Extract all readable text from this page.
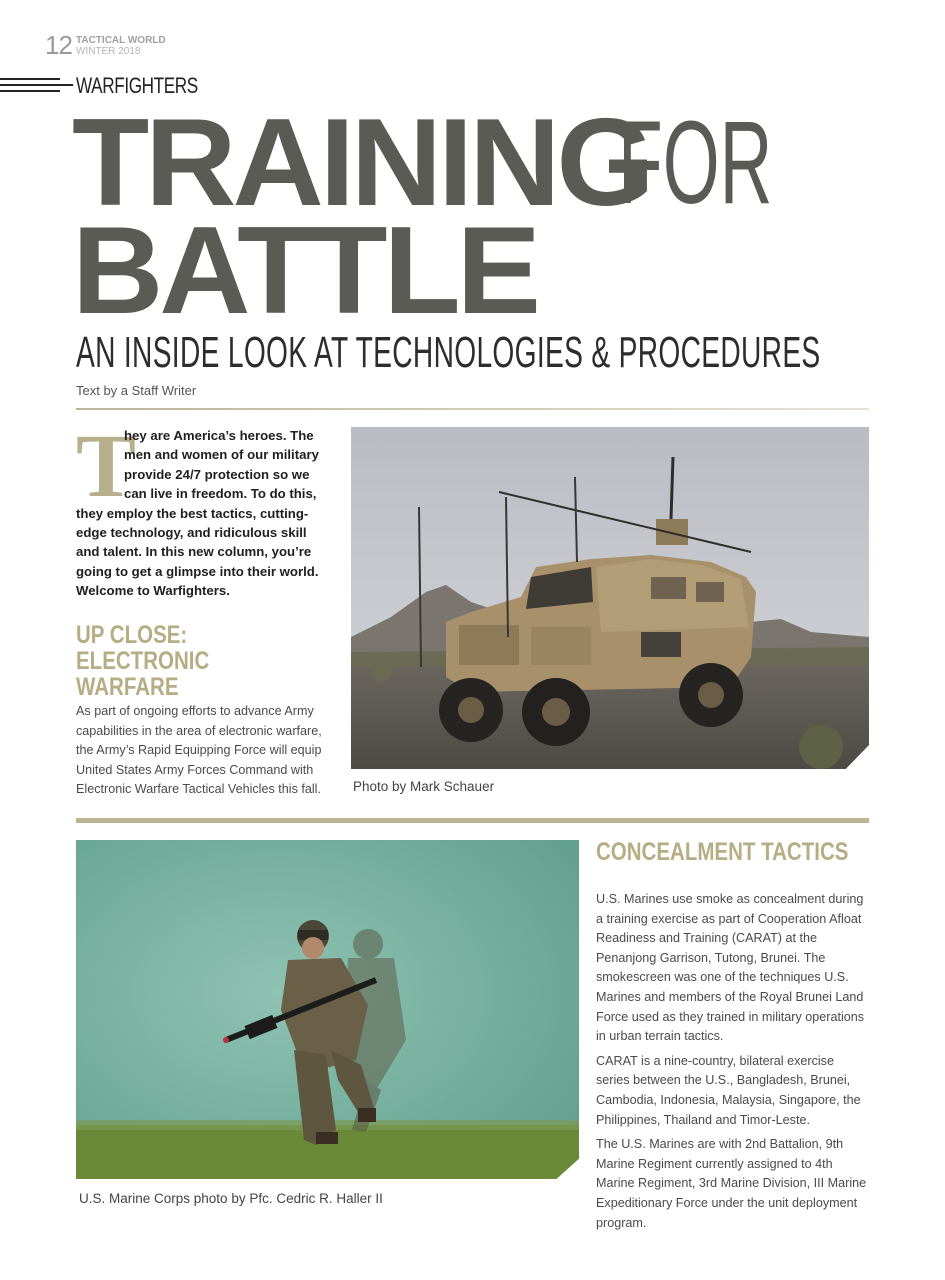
12 TACTICAL WORLD
WINTER 2018
WARFIGHTERS
TRAINING
FOR
BATTLE
AN INSIDE LOOK AT TECHNOLOGIES & PROCEDURES
Text by a Staff Writer
T

hey are America’s heroes. The men and women of our military provide 24/7 protection so we can live in freedom. To do this, they employ the best tactics, cutting-edge technology, and ridiculous skill and talent. In this new column, you’re going to get a glimpse into their world. Welcome to Warfighters.

UP CLOSE: ELECTRONIC WARFARE

As part of ongoing efforts to advance Army capabilities in the area of electronic warfare, the Army’s Rapid Equipping Force will equip United States Army Forces Command with Electronic Warfare Tactical Vehicles this fall.	Photo by Mark Schauer
U.S. Marine Corps photo by Pfc. Cedric R. Haller II
CONCEALMENT TACTICS

U.S. Marines use smoke as concealment during a training exercise as part of Cooperation Afloat Readiness and Training (CARAT) at the Penanjong Garrison, Tutong, Brunei. The smokescreen was one of the techniques U.S. Marines and members of the Royal Brunei Land Force used as they trained in military operations in urban terrain tactics.

CARAT is a nine-country, bilateral exercise series between the U.S., Bangladesh, Brunei, Cambodia, Indonesia, Malaysia, Singapore, the Philippines, Thailand and Timor-Leste.

The U.S. Marines are with 2nd Battalion, 9th Marine Regiment currently assigned to 4th Marine Regiment, 3rd Marine Division, III Marine Expeditionary Force under the unit deployment program.
